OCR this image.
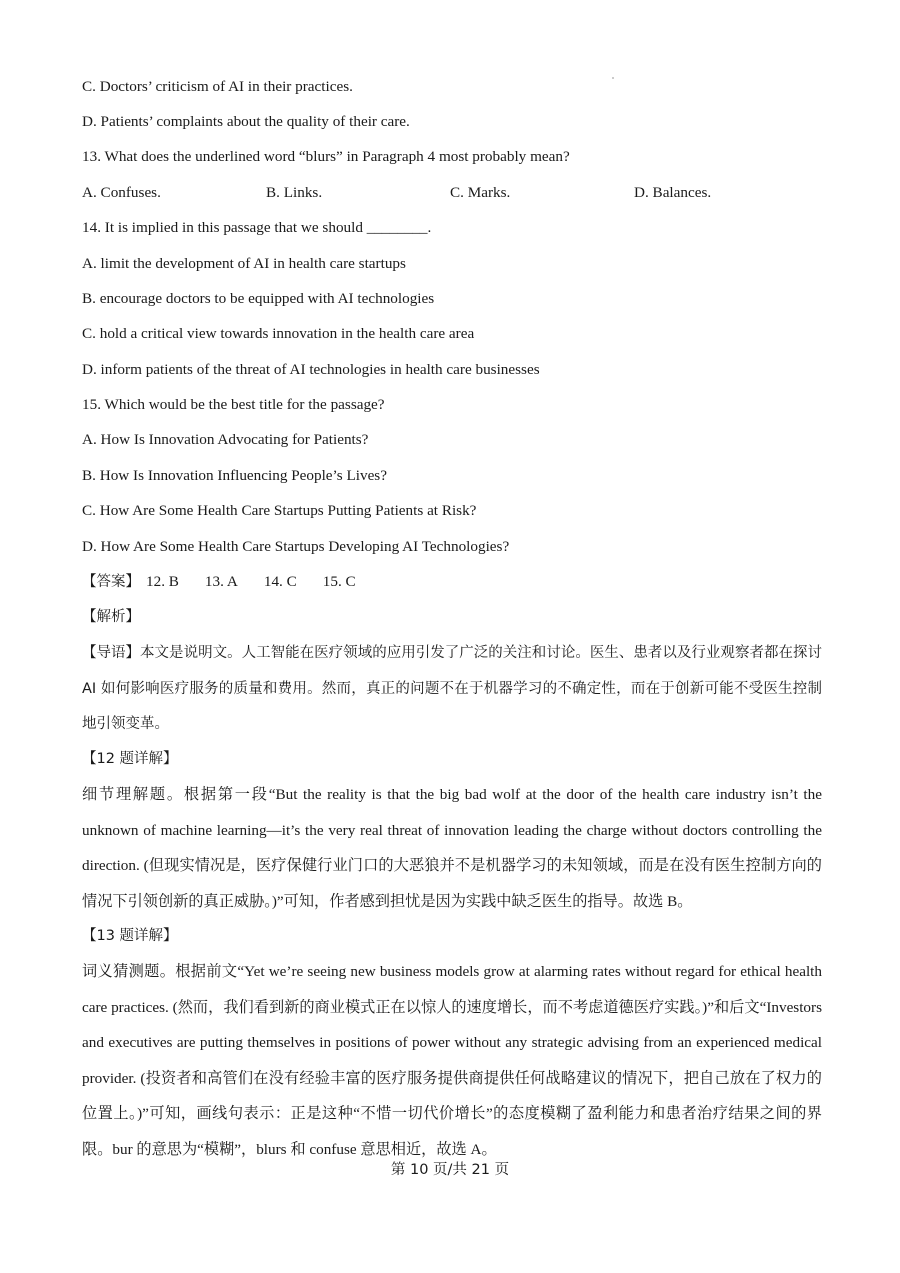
C. Doctors’ criticism of AI in their practices.
D. Patients’ complaints about the quality of their care.
13. What does the underlined word “blurs” in Paragraph 4 most probably mean?
A. Confuses.	B. Links.	C. Marks.	D. Balances.
14. It is implied in this passage that we should ________.
A. limit the development of AI in health care startups
B. encourage doctors to be equipped with AI technologies
C. hold a critical view towards innovation in the health care area
D. inform patients of the threat of AI technologies in health care businesses
15. Which would be the best title for the passage?
A. How Is Innovation Advocating for Patients?
B. How Is Innovation Influencing People’s Lives?
C. How Are Some Health Care Startups Putting Patients at Risk?
D. How Are Some Health Care Startups Developing AI Technologies?
【答案】 12. B 13. A 14. C 15. C
【解析】

【导语】本文是说明文。人工智能在医疗领域的应用引发了广泛的关注和讨论。医生、患者以及行业观察者都在探讨 AI 如何影响医疗服务的质量和费用。然而，真正的问题不在于机器学习的不确定性，而在于创新可能不受医生控制地引领变革。

【12 题详解】

细节理解题。根据第一段“But the reality is that the big bad wolf at the door of the health care industry isn’t the unknown of machine learning—it’s the very real threat of innovation leading the charge without doctors controlling the direction. (但现实情况是，医疗保健行业门口的大恶狼并不是机器学习的未知领域，而是在没有医生控制方向的情况下引领创新的真正威胁。)”可知，作者感到担忧是因为实践中缺乏医生的指导。故选 B。

【13 题详解】

词义猜测题。根据前文“Yet we’re seeing new business models grow at alarming rates without regard for ethical health care practices. (然而，我们看到新的商业模式正在以惊人的速度增长，而不考虑道德医疗实践。)”和后文“Investors and executives are putting themselves in positions of power without any strategic advising from an experienced medical provider. (投资者和高管们在没有经验丰富的医疗服务提供商提供任何战略建议的情况下，把自己放在了权力的位置上。)”可知，画线句表示：正是这种“不惜一切代价增长”的态度模糊了盈利能力和患者治疗结果之间的界限。bur 的意思为“模糊”，blurs 和 confuse 意思相近，故选 A。

第 10 页/共 21 页
